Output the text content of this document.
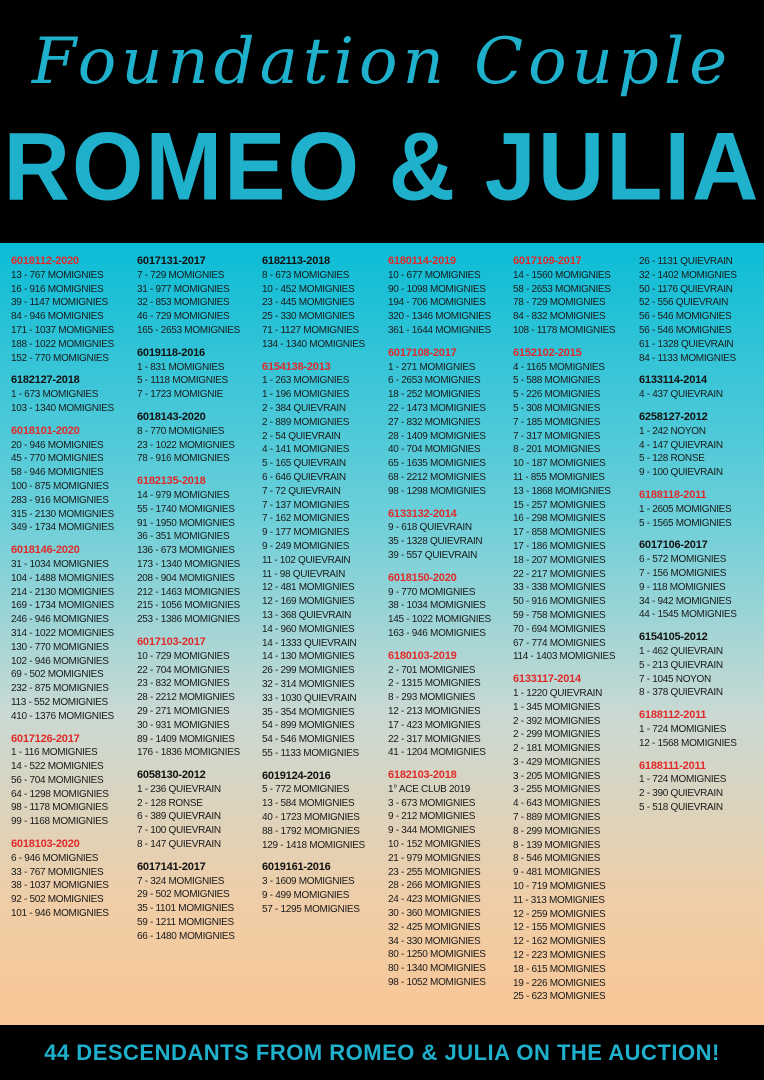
Foundation Couple
ROMEO & JULIA
6018112-2020
13 - 767 MOMIGNIES
16 - 916 MOMIGNIES
39 - 1147 MOMIGNIES
84 - 946 MOMIGNIES
171 - 1037 MOMIGNIES
188 - 1022 MOMIGNIES
152 - 770 MOMIGNIES
6182127-2018
1 - 673 MOMIGNIES
103 - 1340 MOMIGNIES
6018101-2020
20 - 946 MOMIGNIES
45 - 770 MOMIGNIES
58 - 946 MOMIGNIES
100 - 875 MOMIGNIES
283 - 916 MOMIGNIES
315 - 2130 MOMIGNIES
349 - 1734 MOMIGNIES
6018146-2020
31 - 1034 MOMIGNIES
104 - 1488 MOMIGNIES
214 - 2130 MOMIGNIES
169 - 1734 MOMIGNIES
246 - 946 MOMIGNIES
314 - 1022 MOMIGNIES
130 - 770 MOMIGNIES
102 - 946 MOMIGNIES
69 - 502 MOMIGNIES
232 - 875 MOMIGNIES
113 - 552 MOMIGNIES
410 - 1376 MOMIGNIES
6017126-2017
1 - 116 MOMIGNIES
14 - 522 MOMIGNIES
56 - 704 MOMIGNIES
64 - 1298 MOMIGNIES
98 - 1178 MOMIGNIES
99 - 1168 MOMIGNIES
6018103-2020
6 - 946 MOMIGNIES
33 - 767 MOMIGNIES
38 - 1037 MOMIGNIES
92 - 502 MOMIGNIES
101 - 946 MOMIGNIES
6017131-2017
7 - 729 MOMIGNIES
31 - 977 MOMIGNIES
32 - 853 MOMIGNIES
46 - 729 MOMIGNIES
165 - 2653 MOMIGNIES
6019118-2016
1 - 831 MOMIGNIES
5 - 1118 MOMIGNIES
7 - 1723 MOMIGNIE
6018143-2020
8 - 770 MOMIGNIES
23 - 1022 MOMIGNIES
78 - 916 MOMIGNIES
6182135-2018
14 - 979 MOMIGNIES
55 - 1740 MOMIGNIES
91 - 1950 MOMIGNIES
36 - 351 MOMIGNIES
136 - 673 MOMIGNIES
173 - 1340 MOMIGNIES
208 - 904 MOMIGNIES
212 - 1463 MOMIGNIES
215 - 1056 MOMIGNIES
253 - 1386 MOMIGNIES
6017103-2017
10 - 729 MOMIGNIES
22 - 704 MOMIGNIES
23 - 832 MOMIGNIES
28 - 2212 MOMIGNIES
29 - 271 MOMIGNIES
30 - 931 MOMIGNIES
89 - 1409 MOMIGNIES
176 - 1836 MOMIGNIES
6058130-2012
1 - 236 QUIEVRAIN
2 - 128 RONSE
6 - 389 QUIEVRAIN
7 - 100 QUIEVRAIN
8 - 147 QUIEVRAIN
6017141-2017
7 - 324 MOMIGNIES
29 - 502 MOMIGNIES
35 - 1101 MOMIGNIES
59 - 1211 MOMIGNIES
66 - 1480 MOMIGNIES
6182113-2018
8 - 673 MOMIGNIES
10 - 452 MOMIGNIES
23 - 445 MOMIGNIES
25 - 330 MOMIGNIES
71 - 1127 MOMIGNIES
134 - 1340 MOMIGNIES
6154138-2013
1 - 263 MOMIGNIES
1 - 196 MOMIGNIES
2 - 384 QUIEVRAIN
2 - 889 MOMIGNIES
2 - 54 QUIEVRAIN
4 - 141 MOMIGNIES
5 - 165 QUIEVRAIN
6 - 646 QUIEVRAIN
7 - 72 QUIEVRAIN
7 - 137 MOMIGNIES
7 - 162 MOMIGNIES
9 - 177 MOMIGNIES
9 - 249 MOMIGNIES
11 - 102 QUIEVRAIN
11 - 98 QUIEVRAIN
12 - 481 MOMIGNIES
12 - 169 MOMIGNIES
13 - 368 QUIEVRAIN
14 - 960 MOMIGNIES
14 - 1333 QUIEVRAIN
14 - 130 MOMIGNIES
26 - 299 MOMIGNIES
32 - 314 MOMIGNIES
33 - 1030 QUIEVRAIN
35 - 354 MOMIGNIES
54 - 899 MOMIGNIES
54 - 546 MOMIGNIES
55 - 1133 MOMIGNIES
6019124-2016
5 - 772 MOMIGNIES
13 - 584 MOMIGNIES
40 - 1723 MOMIGNIES
88 - 1792 MOMIGNIES
129 - 1418 MOMIGNIES
6019161-2016
3 - 1609 MOMIGNIES
9 - 499 MOMIGNIES
57 - 1295 MOMIGNIES
6180114-2019
10 - 677 MOMIGNIES
90 - 1098 MOMIGNIES
194 - 706 MOMIGNIES
320 - 1346 MOMIGNIES
361 - 1644 MOMIGNIES
6017108-2017
1 - 271 MOMIGNIES
6 - 2653 MOMIGNIES
18 - 252 MOMIGNIES
22 - 1473 MOMIGNIES
27 - 832 MOMIGNIES
28 - 1409 MOMIGNIES
40 - 704 MOMIGNIES
65 - 1635 MOMIGNIES
68 - 2212 MOMIGNIES
98 - 1298 MOMIGNIES
6133132-2014
9 - 618 QUIEVRAIN
35 - 1328 QUIEVRAIN
39 - 557 QUIEVRAIN
6018150-2020
9 - 770 MOMIGNIES
38 - 1034 MOMIGNIES
145 - 1022 MOMIGNIES
163 - 946 MOMIGNIES
6180103-2019
2 - 701 MOMIGNIES
2 - 1315 MOMIGNIES
8 - 293 MOMIGNIES
12 - 213 MOMIGNIES
17 - 423 MOMIGNIES
22 - 317 MOMIGNIES
41 - 1204 MOMIGNIES
6182103-2018
1° ACE CLUB 2019
3 - 673 MOMIGNIES
9 - 212 MOMIGNIES
9 - 344 MOMIGNIES
10 - 152 MOMIGNIES
21 - 979 MOMIGNIES
23 - 255 MOMIGNIES
28 - 266 MOMIGNIES
24 - 423 MOMIGNIES
30 - 360 MOMIGNIES
32 - 425 MOMIGNIES
34 - 330 MOMIGNIES
80 - 1250 MOMIGNIES
80 - 1340 MOMIGNIES
98 - 1052 MOMIGNIES
6017109-2017
14 - 1560 MOMIGNIES
58 - 2653 MOMIGNIES
78 - 729 MOMIGNIES
84 - 832 MOMIGNIES
108 - 1178 MOMIGNIES
6152102-2015
4 - 1165 MOMIGNIES
5 - 588 MOMIGNIES
5 - 226 MOMIGNIES
5 - 308 MOMIGNIES
7 - 185 MOMIGNIES
7 - 317 MOMIGNIES
8 - 201 MOMIGNIES
10 - 187 MOMIGNIES
11 - 855 MOMIGNIES
13 - 1868 MOMIGNIES
15 - 257 MOMIGNIES
16 - 298 MOMIGNIES
17 - 858 MOMIGNIES
17 - 186 MOMIGNIES
18 - 207 MOMIGNIES
22 - 217 MOMIGNIES
33 - 338 MOMIGNIES
50 - 916 MOMIGNIES
59 - 758 MOMIGNIES
70 - 694 MOMIGNIES
67 - 774 MOMIGNIES
114 - 1403 MOMIGNIES
6133117-2014
1 - 1220 QUIEVRAIN
1 - 345 MOMIGNIES
2 - 392 MOMIGNIES
2 - 299 MOMIGNIES
2 - 181 MOMIGNIES
3 - 429 MOMIGNIES
3 - 205 MOMIGNIES
3 - 255 MOMIGNIES
4 - 643 MOMIGNIES
7 - 889 MOMIGNIES
8 - 299 MOMIGNIES
8 - 139 MOMIGNIES
8 - 546 MOMIGNIES
9 - 481 MOMIGNIES
10 - 719 MOMIGNIES
11 - 313 MOMIGNIES
12 - 259 MOMIGNIES
12 - 155 MOMIGNIES
12 - 162 MOMIGNIES
12 - 223 MOMIGNIES
18 - 615 MOMIGNIES
19 - 226 MOMIGNIES
25 - 623 MOMIGNIES
26 - 1131 QUIEVRAIN
32 - 1402 MOMIGNIES
50 - 1176 QUIEVRAIN
52 - 556 QUIEVRAIN
56 - 546 MOMIGNIES
56 - 546 MOMIGNIES
61 - 1328 QUIEVRAIN
84 - 1133 MOMIGNIES
6133114-2014
4 - 437 QUIEVRAIN
6258127-2012
1 - 242 NOYON
4 - 147 QUIEVRAIN
5 - 128 RONSE
9 - 100 QUIEVRAIN
6188118-2011
1 - 2605 MOMIGNIES
5 - 1565 MOMIGNIES
6017106-2017
6 - 572 MOMIGNIES
7 - 156 MOMIGNIES
9 - 118 MOMIGNIES
34 - 942 MOMIGNIES
44 - 1545 MOMIGNIES
6154105-2012
1 - 462 QUIEVRAIN
5 - 213 QUIEVRAIN
7 - 1045 NOYON
8 - 378 QUIEVRAIN
6188112-2011
1 - 724 MOMIGNIES
12 - 1568 MOMIGNIES
6188111-2011
1 - 724 MOMIGNIES
2 - 390 QUIEVRAIN
5 - 518 QUIEVRAIN
44 DESCENDANTS FROM ROMEO & JULIA ON THE AUCTION!
